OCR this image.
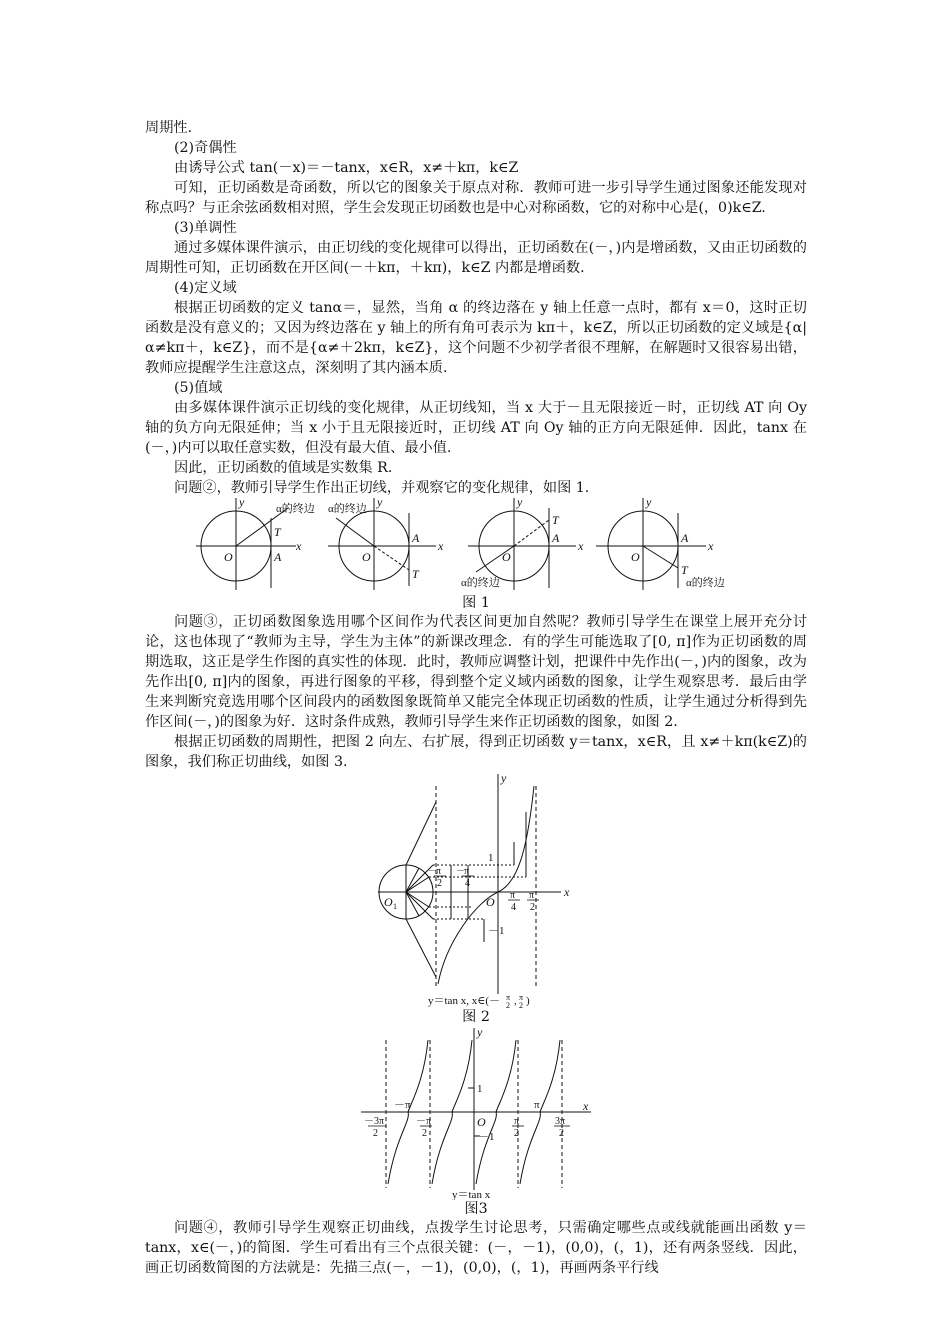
周期性.

(2)奇偶性

由诱导公式 tan(－x)＝－tanx，x∈R，x≠＋kπ，k∈Z

可知，正切函数是奇函数，所以它的图象关于原点对称．教师可进一步引导学生通过图象还能发现对称点吗？与正余弦函数相对照，学生会发现正切函数也是中心对称函数，它的对称中心是(，0)k∈Z.

(3)单调性

通过多媒体课件演示，由正切线的变化规律可以得出，正切函数在(－，)内是增函数，又由正切函数的周期性可知，正切函数在开区间(－＋kπ，＋kπ)，k∈Z 内都是增函数.

(4)定义域

根据正切函数的定义 tanα＝，显然，当角 α 的终边落在 y 轴上任意一点时，都有 x＝0，这时正切函数是没有意义的；又因为终边落在 y 轴上的所有角可表示为 kπ＋，k∈Z，所以正切函数的定义域是{α|α≠kπ＋，k∈Z}，而不是{α≠＋2kπ，k∈Z}，这个问题不少初学者很不理解，在解题时又很容易出错，教师应提醒学生注意这点，深刻明了其内涵本质.

(5)值域

由多媒体课件演示正切线的变化规律，从正切线知，当 x 大于－且无限接近－时，正切线 AT 向 Oy 轴的负方向无限延伸；当 x 小于且无限接近时，正切线 AT 向 Oy 轴的正方向无限延伸．因此，tanx 在(－，)内可以取任意实数，但没有最大值、最小值.

因此，正切函数的值域是实数集 R.

问题②，教师引导学生作出正切线，并观察它的变化规律，如图 1.

y
x
O	A
T
α的终边	y
x
O
A
T
α的终边	y
x
O
A
T
α的终边
y
x
O
A
T
α的终边

图 1

问题③，正切函数图象选用哪个区间作为代表区间更加自然呢？教师引导学生在课堂上展开充分讨论，这也体现了“教师为主导，学生为主体”的新课改理念．有的学生可能选取了[0, π]作为正切函数的周期选取，这正是学生作图的真实性的体现．此时，教师应调整计划，把课件中先作出(－，)内的图象，改为先作出[0, π]内的图象，再进行图象的平移，得到整个定义域内函数的图象，让学生观察思考．最后由学生来判断究竟选用哪个区间段内的函数图象既简单又能完全体现正切函数的性质，让学生通过分析得到先作区间(－，)的图象为好．这时条件成熟，教师引导学生来作正切函数的图象，如图 2.

根据正切函数的周期性，把图 2 向左、右扩展，得到正切函数 y＝tanx，x∈R，且 x≠＋kπ(k∈Z)的图象，我们称正切曲线，如图 3.

y
x
O
O 1
1
－1
－
π
2
－
π
4
π
4
π
2
y＝tan x, x∈(－ π
2 , π
2 )

图 2

y
x
O
1
－1
－π	π
－3π
2
－π
2
π
2
3π
2
y＝tan x

图3

问题④，教师引导学生观察正切曲线，点拨学生讨论思考，只需确定哪些点或线就能画出函数 y＝tanx，x∈(－，)的简图．学生可看出有三个点很关键：(－，－1)，(0,0)，(，1)，还有两条竖线．因此，画正切函数简图的方法就是：先描三点(－，－1)，(0,0)，(，1)，再画两条平行线
